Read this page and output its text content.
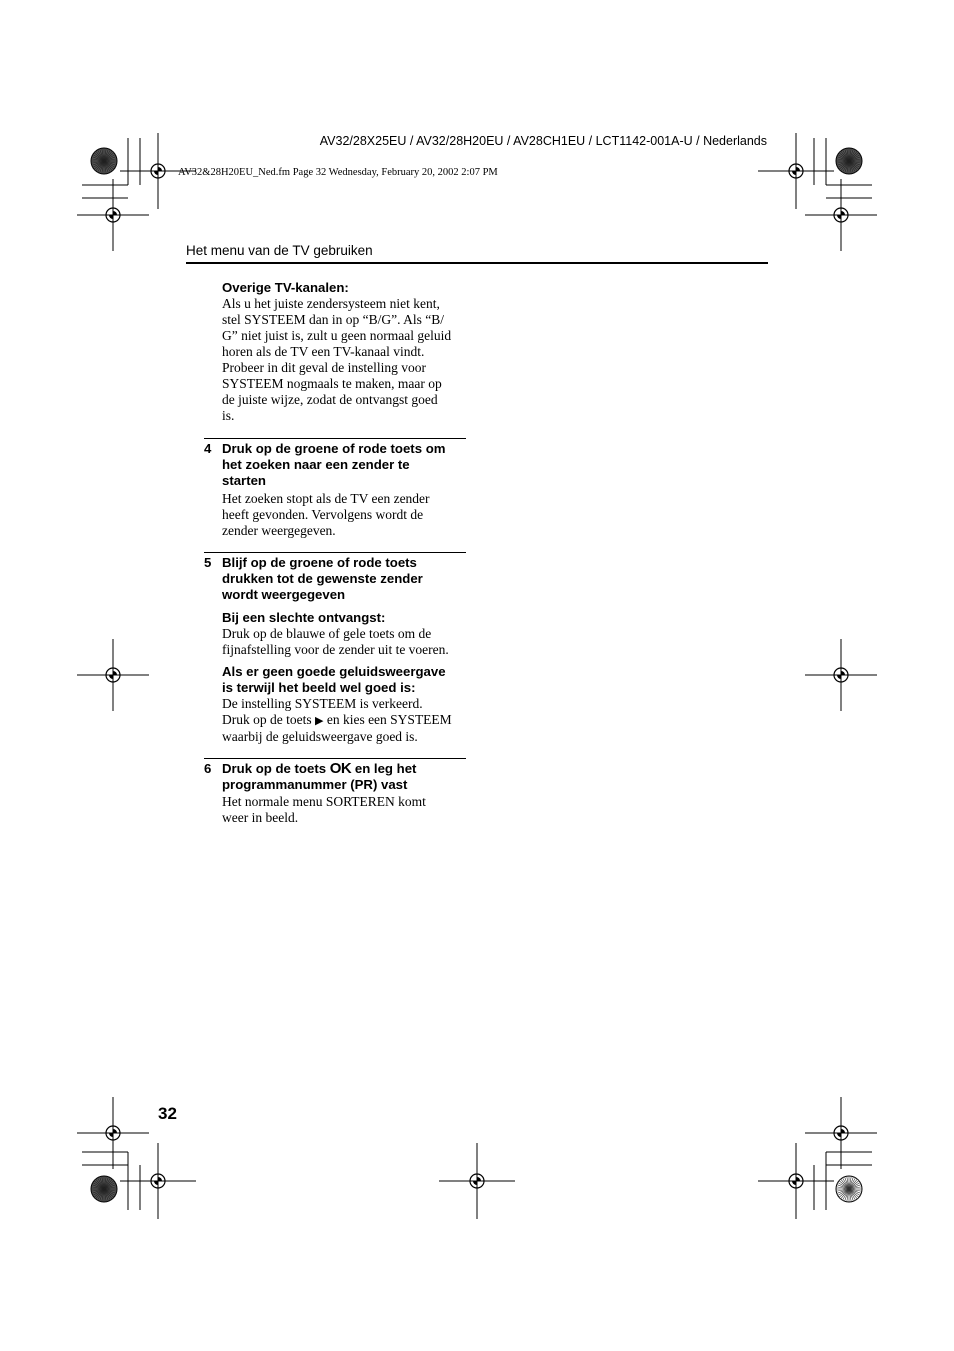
AV32/28X25EU / AV32/28H20EU / AV28CH1EU / LCT1142-001A-U / Nederlands
AV32&28H20EU_Ned.fm Page 32 Wednesday, February 20, 2002 2:07 PM
Het menu van de TV gebruiken
Overige TV-kanalen:
Als u het juiste zendersysteem niet kent,
stel SYSTEEM dan in op “B/G”. Als “B/
G” niet juist is, zult u geen normaal geluid
horen als de TV een TV-kanaal vindt.
Probeer in dit geval de instelling voor
SYSTEEM nogmaals te maken, maar op
de juiste wijze, zodat de ontvangst goed
is.
4 Druk op de groene of rode toets om
het zoeken naar een zender te
starten
Het zoeken stopt als de TV een zender
heeft gevonden. Vervolgens wordt de
zender weergegeven.
5 Blijf op de groene of rode toets
drukken tot de gewenste zender
wordt weergegeven
Bij een slechte ontvangst:
Druk op de blauwe of gele toets om de
fijnafstelling voor de zender uit te voeren.
Als er geen goede geluidsweergave
is terwijl het beeld wel goed is:
De instelling SYSTEEM is verkeerd.
Druk op de toets ▶ en kies een SYSTEEM
waarbij de geluidsweergave goed is.
6 Druk op de toets OK en leg het
programmanummer (PR) vast
Het normale menu SORTEREN komt
weer in beeld.
32
